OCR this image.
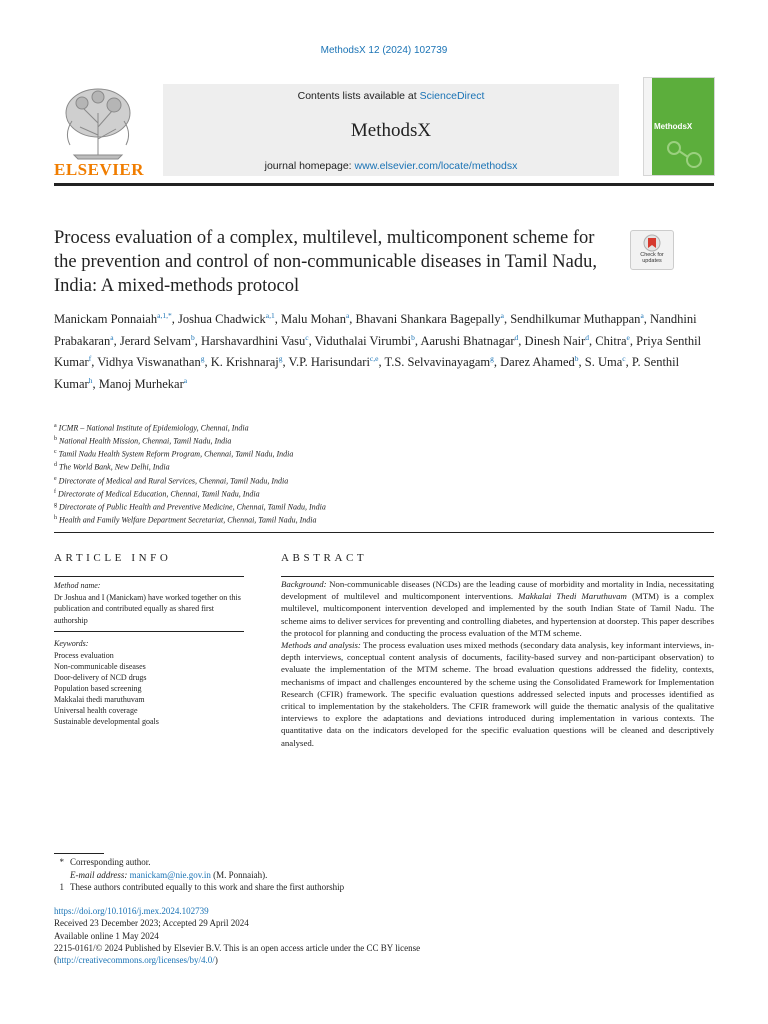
MethodsX 12 (2024) 102739
ELSEVIER
Contents lists available at ScienceDirect
MethodsX
journal homepage: www.elsevier.com/locate/methodsx
MethodsX
Process evaluation of a complex, multilevel, multicomponent scheme for the prevention and control of non-communicable diseases in Tamil Nadu, India: A mixed-methods protocol
Check for updates
Manickam Ponnaiah$^{a,1,*}$, Joshua Chadwick$^{a,1}$, Malu Mohan$^a$, Bhavani Shankara Bagepally$^a$, Sendhilkumar Muthappan$^a$, Nandhini Prabakaran$^a$, Jerard Selvam$^b$, Harshavardhini Vasu$^c$, Viduthalai Virumbi$^b$, Aarushi Bhatnagar$^d$, Dinesh Nair$^d$, Chitra$^e$, Priya Senthil Kumar$^f$, Vidhya Viswanathan$^g$, K. Krishnaraj$^g$, V.P. Harisundari$^{c,e}$, T.S. Selvavinayagam$^g$, Darez Ahamed$^b$, S. Uma$^c$, P. Senthil Kumar$^h$, Manoj Murhekar$^a$
$^a$ ICMR – National Institute of Epidemiology, Chennai, India
$^b$ National Health Mission, Chennai, Tamil Nadu, India
$^c$ Tamil Nadu Health System Reform Program, Chennai, Tamil Nadu, India
$^d$ The World Bank, New Delhi, India
$^e$ Directorate of Medical and Rural Services, Chennai, Tamil Nadu, India
$^f$ Directorate of Medical Education, Chennai, Tamil Nadu, India
$^g$ Directorate of Public Health and Preventive Medicine, Chennai, Tamil Nadu, India
$^h$ Health and Family Welfare Department Secretariat, Chennai, Tamil Nadu, India
ARTICLE INFO
Method name:
Dr Joshua and I (Manickam) have worked together on this publication and contributed equally as shared first authorship
Keywords:
Process evaluation
Non-communicable diseases
Door-delivery of NCD drugs
Population based screening
Makkalai thedi maruthuvam
Universal health coverage
Sustainable developmental goals
ABSTRACT

Background: Non-communicable diseases (NCDs) are the leading cause of morbidity and mortality in India, necessitating development of multilevel and multicomponent interventions. Makkalai Thedi Maruthuvam (MTM) is a complex multilevel, multicomponent intervention developed and implemented by the south Indian State of Tamil Nadu. The scheme aims to deliver services for preventing and controlling diabetes, and hypertension at doorstep. This paper describes the protocol for planning and conducting the process evaluation of the MTM scheme.

Methods and analysis: The process evaluation uses mixed methods (secondary data analysis, key informant interviews, in-depth interviews, conceptual content analysis of documents, facility-based survey and non-participant observation) to evaluate the implementation of the MTM scheme. The broad evaluation questions addressed the fidelity, contexts, mechanisms of impact and challenges encountered by the scheme using the Consolidated Framework for Implementation Research (CFIR) framework. The specific evaluation questions addressed selected inputs and processes identified as critical to implementation by the stakeholders. The CFIR framework will guide the thematic analysis of the qualitative interviews to explore the adaptations and deviations introduced during implementation in various contexts. The quantitative data on the indicators developed for the specific evaluation questions will be cleaned and descriptively analysed.

* Corresponding author.
E-mail address: manickam@nie.gov.in (M. Ponnaiah).
1 These authors contributed equally to this work and share the first authorship
https://doi.org/10.1016/j.mex.2024.102739
Received 23 December 2023; Accepted 29 April 2024
Available online 1 May 2024
2215-0161/© 2024 Published by Elsevier B.V. This is an open access article under the CC BY license
(http://creativecommons.org/licenses/by/4.0/)
